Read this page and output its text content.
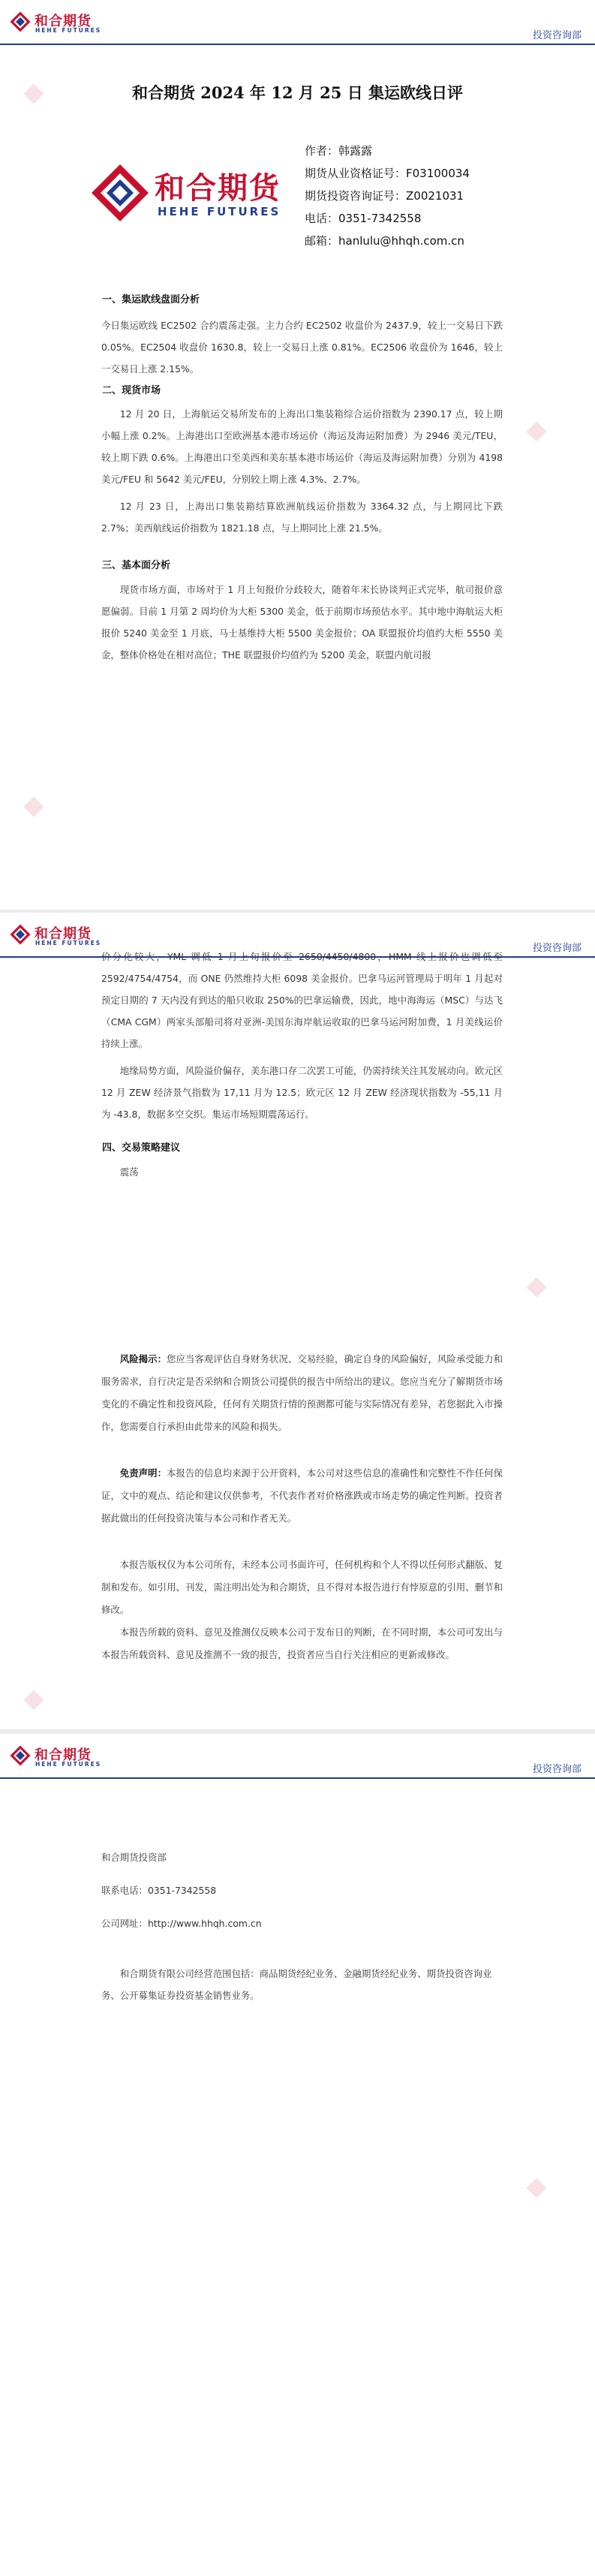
和合期货
HEHE FUTURES	投资咨询部
和合期货 2024 年 12 月 25 日 集运欧线日评
和合期货
HEHE FUTURES
作者：韩露露
期货从业资格证号：F03100034
期货投资咨询证号：Z0021031
电话：0351-7342558
邮箱：hanlulu@hhqh.com.cn
一、集运欧线盘面分析
今日集运欧线 EC2502 合约震荡走强。主力合约 EC2502 收盘价为 2437.9，较上一交易日下跌 0.05%。EC2504 收盘价 1630.8，较上一交易日上涨 0.81%。EC2506 收盘价为 1646，较上一交易日上涨 2.15%。
二、现货市场
12 月 20 日，上海航运交易所发布的上海出口集装箱综合运价指数为 2390.17 点，较上期小幅上涨 0.2%。上海港出口至欧洲基本港市场运价（海运及海运附加费）为 2946 美元/TEU，较上期下跌 0.6%。上海港出口至美西和美东基本港市场运价（海运及海运附加费）分别为 4198 美元/FEU 和 5642 美元/FEU，分别较上期上涨 4.3%、2.7%。
12 月 23 日，上海出口集装箱结算欧洲航线运价指数为 3364.32 点，与上期同比下跌 2.7%；美西航线运价指数为 1821.18 点，与上期同比上涨 21.5%。
三、基本面分析
现货市场方面，市场对于 1 月上旬报价分歧较大，随着年末长协谈判正式完毕，航司报价意愿偏弱。目前 1 月第 2 周均价为大柜 5300 美金，低于前期市场预估水平。其中地中海航运大柜报价 5240 美金至 1 月底，马士基维持大柜 5500 美金报价；OA 联盟报价均值约大柜 5550 美金，整体价格处在相对高位；THE 联盟报价均值约为 5200 美金，联盟内航司报
和合期货
HEHE FUTURES	投资咨询部
价分化较大，YML 调低 1 月上旬报价至 2650/4450/4800，HMM 线上报价也调低至 2592/4754/4754，而 ONE 仍然维持大柜 6098 美金报价。巴拿马运河管理局于明年 1 月起对预定日期的 7 天内没有到达的船只收取 250%的巴拿运输费，因此，地中海海运（MSC）与达飞（CMA CGM）两家头部船司将对亚洲-美国东海岸航运收取的巴拿马运河附加费，1 月美线运价持续上涨。
地缘局势方面，风险溢价偏存，美东港口存二次罢工可能，仍需持续关注其发展动向。欧元区 12 月 ZEW 经济景气指数为 17,11 月为 12.5；欧元区 12 月 ZEW 经济现状指数为 -55,11 月为 -43.8，数据多空交织。集运市场短期震荡运行。
四、交易策略建议
震荡
风险揭示：您应当客观评估自身财务状况、交易经验，确定自身的风险偏好，风险承受能力和服务需求，自行决定是否采纳和合期货公司提供的报告中所给出的建议。您应当充分了解期货市场变化的不确定性和投资风险，任何有关期货行情的预测都可能与实际情况有差异，若您据此入市操作，您需要自行承担由此带来的风险和损失。
免责声明：本报告的信息均来源于公开资料，本公司对这些信息的准确性和完整性不作任何保证，文中的观点、结论和建议仅供参考，不代表作者对价格涨跌或市场走势的确定性判断。投资者据此做出的任何投资决策与本公司和作者无关。
本报告版权仅为本公司所有，未经本公司书面许可，任何机构和个人不得以任何形式翻版、复制和发布。如引用、刊发，需注明出处为和合期货，且不得对本报告进行有悖原意的引用、删节和修改。
本报告所载的资料、意见及推测仅反映本公司于发布日的判断，在不同时期，本公司可发出与本报告所载资料、意见及推测不一致的报告，投资者应当自行关注相应的更新或修改。
和合期货
HEHE FUTURES	投资咨询部
和合期货投资部
联系电话：0351-7342558
公司网址：http://www.hhqh.com.cn
和合期货有限公司经营范围包括：商品期货经纪业务、金融期货经纪业务、期货投资咨询业务、公开募集证券投资基金销售业务。
